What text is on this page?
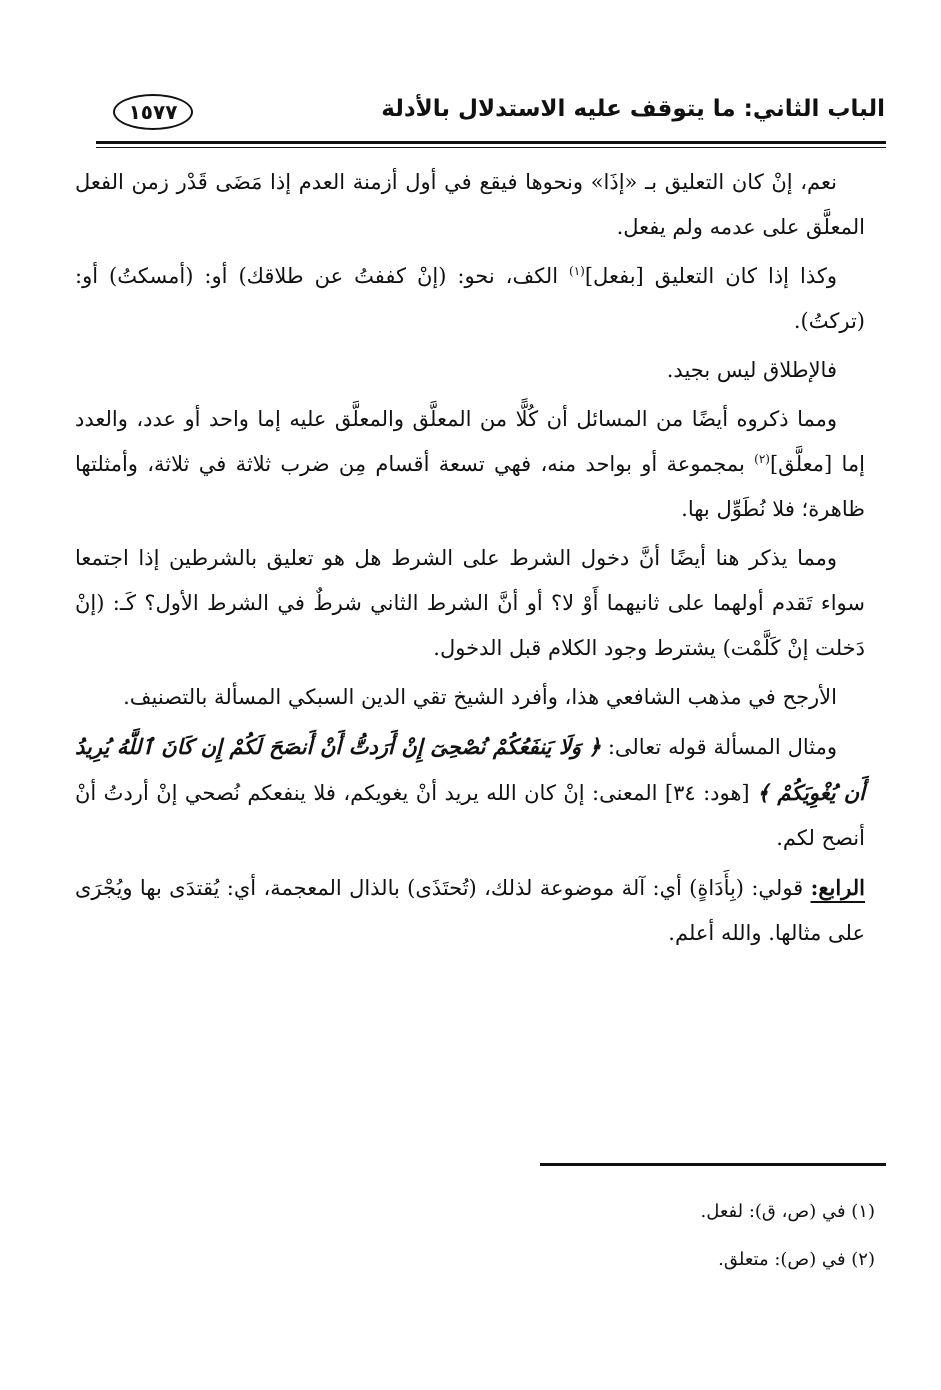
الباب الثاني: ما يتوقف عليه الاستدلال بالأدلة
١٥٧٧

نعم، إنْ كان التعليق بـ «إذَا» ونحوها فيقع في أول أزمنة العدم إذا مَضَى قَدْر زمن الفعل المعلَّق على عدمه ولم يفعل.

وكذا إذا كان التعليق [بفعل]$^{(١)}$ الكف، نحو: (إنْ كففتُ عن طلاقك) أو: (أمسكتُ) أو: (تركتُ).

فالإطلاق ليس بجيد.

ومما ذكروه أيضًا من المسائل أن كُلًّا من المعلَّق والمعلَّق عليه إما واحد أو عدد، والعدد إما [معلَّق]$^{(٢)}$ بمجموعة أو بواحد منه، فهي تسعة أقسام مِن ضرب ثلاثة في ثلاثة، وأمثلتها ظاهرة؛ فلا نُطَوِّل بها.

ومما يذكر هنا أيضًا أنَّ دخول الشرط على الشرط هل هو تعليق بالشرطين إذا اجتمعا سواء تَقدم أولهما على ثانيهما أَوْ لا؟ أو أنَّ الشرط الثاني شرطٌ في الشرط الأول؟ كَـ: (إنْ دَخلت إنْ كَلَّمْت) يشترط وجود الكلام قبل الدخول.

الأرجح في مذهب الشافعي هذا، وأفرد الشيخ تقي الدين السبكي المسألة بالتصنيف.

ومثال المسألة قوله تعالى: ﴿ وَلَا يَنفَعُكُمْ نُصْحِىٓ إِنْ أَرَدتُّ أَنْ أَنصَحَ لَكُمْ إِن كَانَ ٱللَّهُ يُرِيدُ أَن يُغْوِيَكُمْ ﴾ [هود: ٣٤] المعنى: إنْ كان الله يريد أنْ يغويكم، فلا ينفعكم نُصحي إنْ أردتُ أنْ أنصح لكم.

الرابع: قولي: (بِأَدَاةٍ) أي: آلة موضوعة لذلك، (تُحتَذَى) بالذال المعجمة، أي: يُقتدَى بها ويُجْرَى على مثالها. والله أعلم.

(١) في (ص، ق): لفعل.
(٢) في (ص): متعلق.
